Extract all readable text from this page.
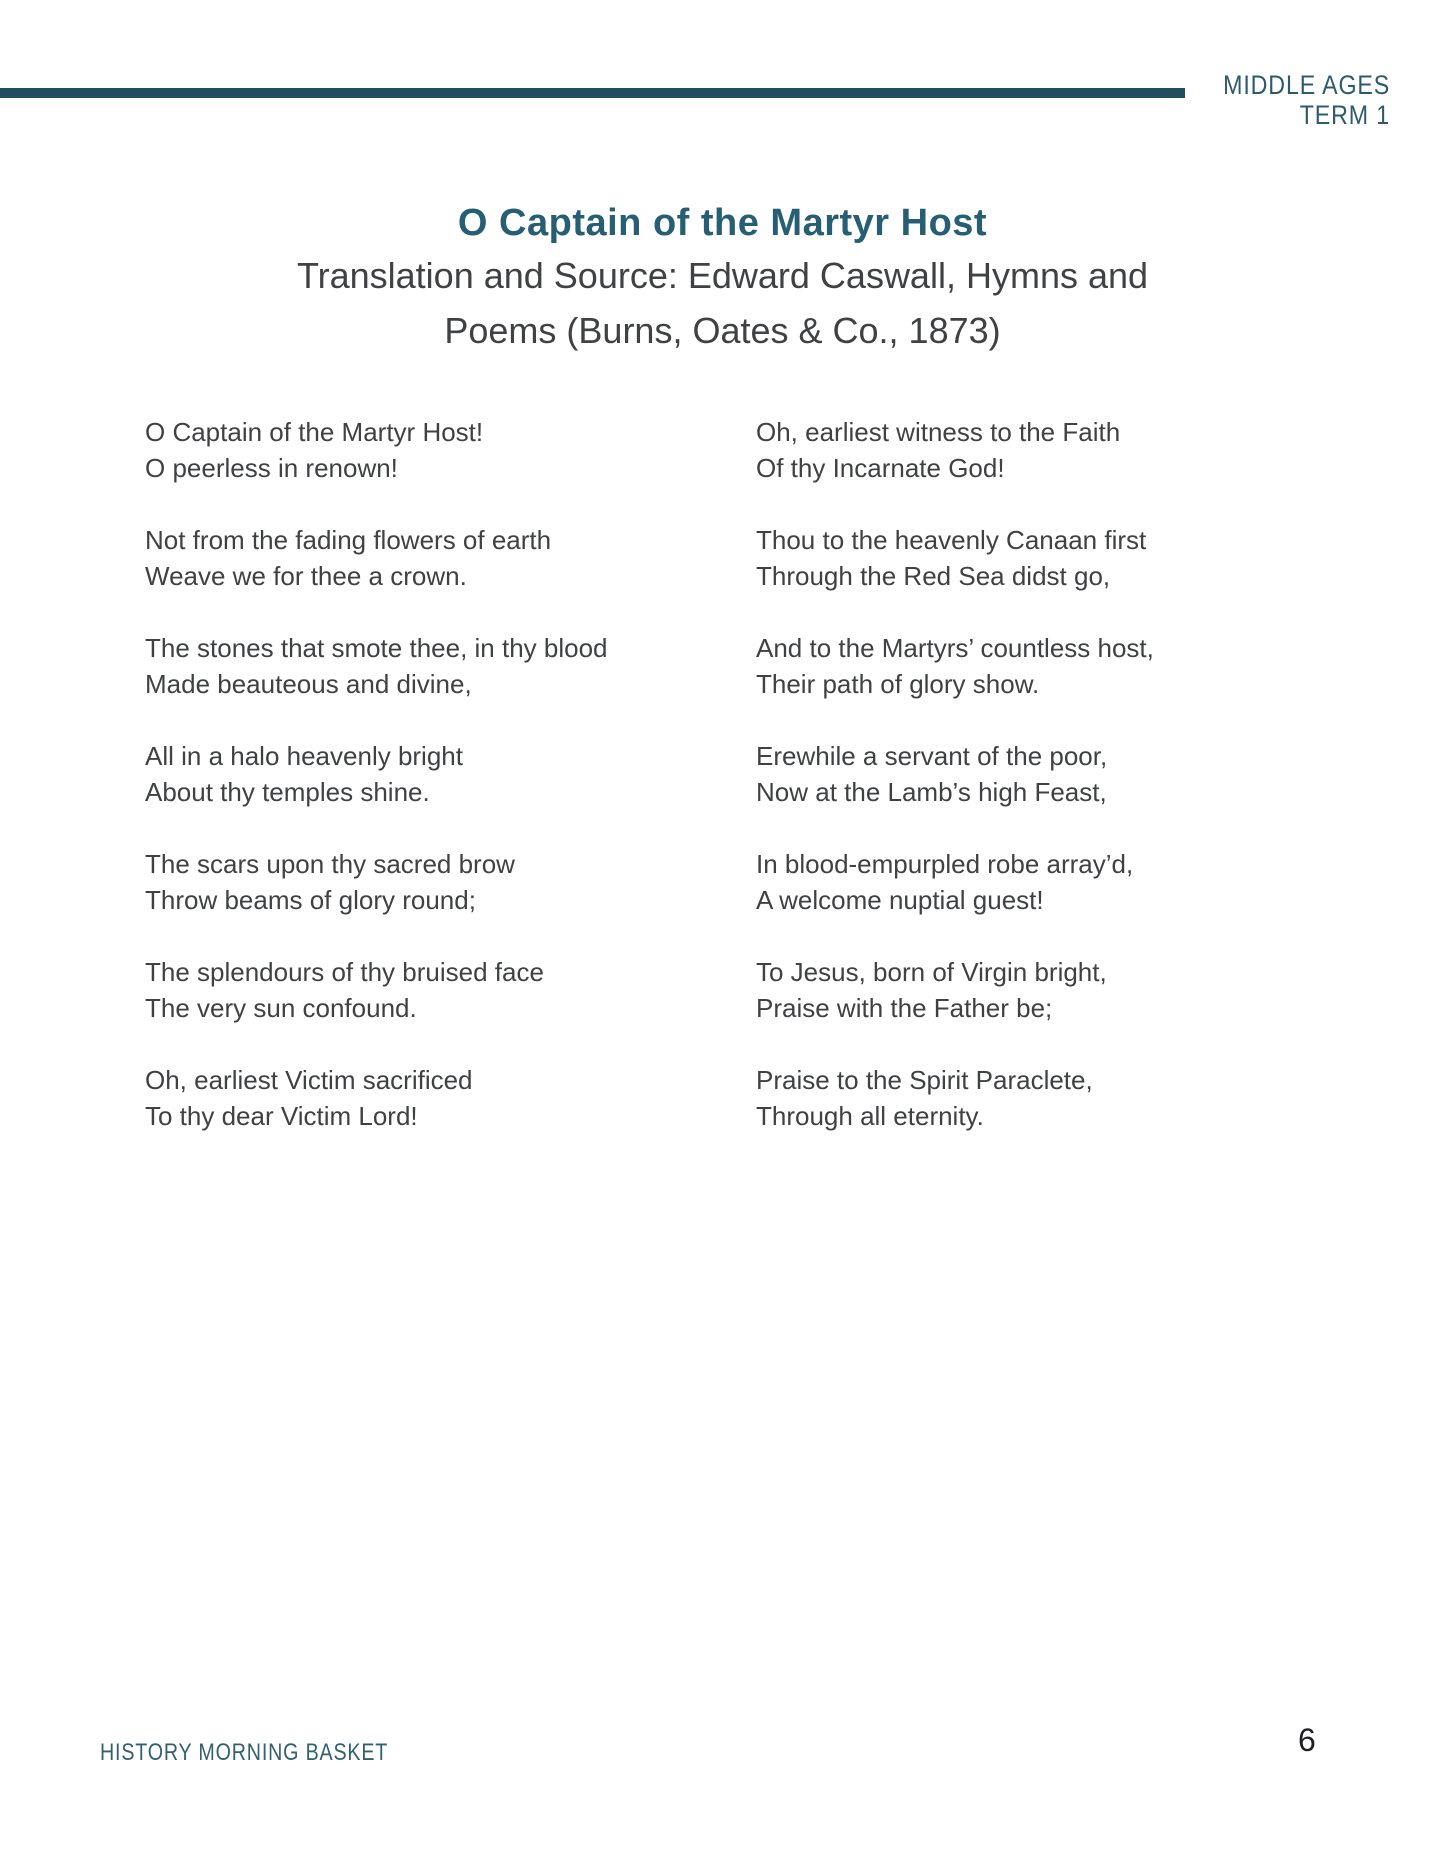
MIDDLE AGES
TERM 1
O Captain of the Martyr Host
Translation and Source: Edward Caswall, Hymns and
Poems (Burns, Oates & Co., 1873)

O Captain of the Martyr Host!
O peerless in renown!

Not from the fading flowers of earth
Weave we for thee a crown.

The stones that smote thee, in thy blood
Made beauteous and divine,

All in a halo heavenly bright
About thy temples shine.

The scars upon thy sacred brow
Throw beams of glory round;

The splendours of thy bruised face
The very sun confound.

Oh, earliest Victim sacrificed
To thy dear Victim Lord!

Oh, earliest witness to the Faith
Of thy Incarnate God!

Thou to the heavenly Canaan first
Through the Red Sea didst go,

And to the Martyrs’ countless host,
Their path of glory show.

Erewhile a servant of the poor,
Now at the Lamb’s high Feast,

In blood-empurpled robe array’d,
A welcome nuptial guest!

To Jesus, born of Virgin bright,
Praise with the Father be;

Praise to the Spirit Paraclete,
Through all eternity.

HISTORY MORNING BASKET	6
